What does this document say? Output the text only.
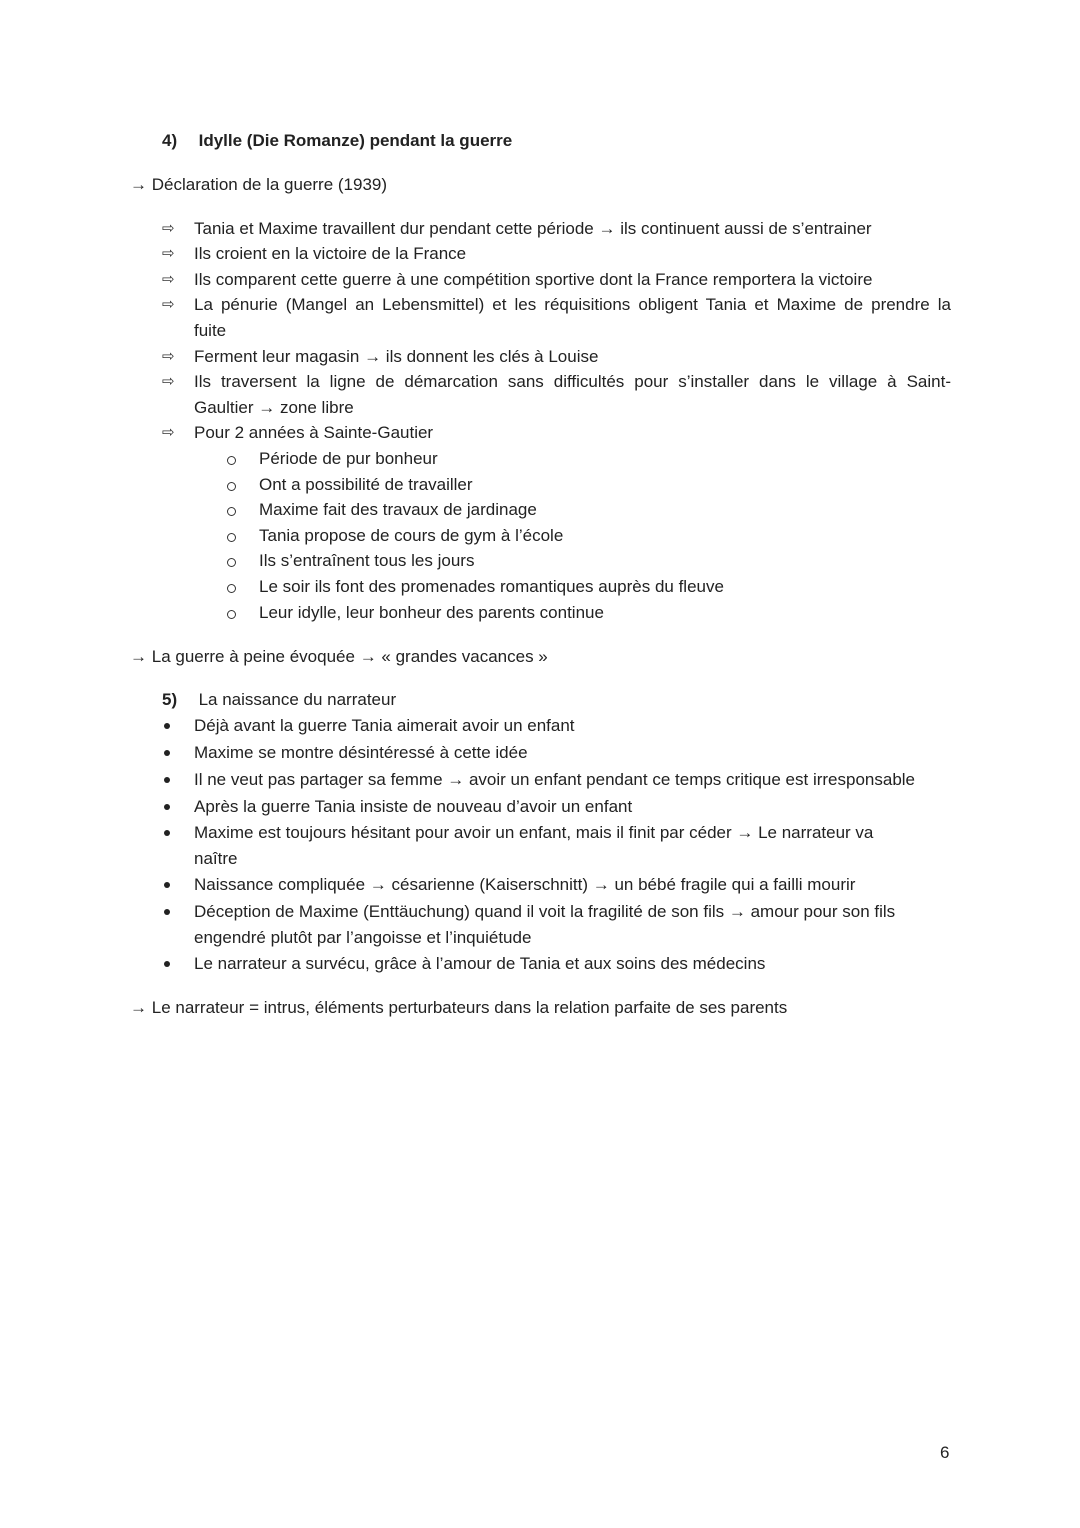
4) Idylle (Die Romanze) pendant la guerre
→ Déclaration de la guerre (1939)
⇨ Tania et Maxime travaillent dur pendant cette période → ils continuent aussi de s’entrainer
⇨ Ils croient en la victoire de la France
⇨ Ils comparent cette guerre à une compétition sportive dont la France remportera la victoire
⇨ La pénurie (Mangel an Lebensmittel) et les réquisitions obligent Tania et Maxime de prendre la
fuite
⇨ Ferment leur magasin → ils donnent les clés à Louise
⇨ Ils traversent la ligne de démarcation sans difficultés pour s’installer dans le village à Saint-
Gaultier → zone libre
⇨ Pour 2 années à Sainte-Gautier
Période de pur bonheur
Ont a possibilité de travailler
Maxime fait des travaux de jardinage
Tania propose de cours de gym à l’école
Ils s’entraînent tous les jours
Le soir ils font des promenades romantiques auprès du fleuve
Leur idylle, leur bonheur des parents continue
→ La guerre à peine évoquée → « grandes vacances »
5) La naissance du narrateur
Déjà avant la guerre Tania aimerait avoir un enfant
Maxime se montre désintéressé à cette idée
Il ne veut pas partager sa femme → avoir un enfant pendant ce temps critique est irresponsable
Après la guerre Tania insiste de nouveau d’avoir un enfant
Maxime est toujours hésitant pour avoir un enfant, mais il finit par céder → Le narrateur va
naître
Naissance compliquée → césarienne (Kaiserschnitt) → un bébé fragile qui a failli mourir
Déception de Maxime (Enttäuchung) quand il voit la fragilité de son fils → amour pour son fils
engendré plutôt par l’angoisse et l’inquiétude
Le narrateur a survécu, grâce à l’amour de Tania et aux soins des médecins
→ Le narrateur = intrus, éléments perturbateurs dans la relation parfaite de ses parents
6
